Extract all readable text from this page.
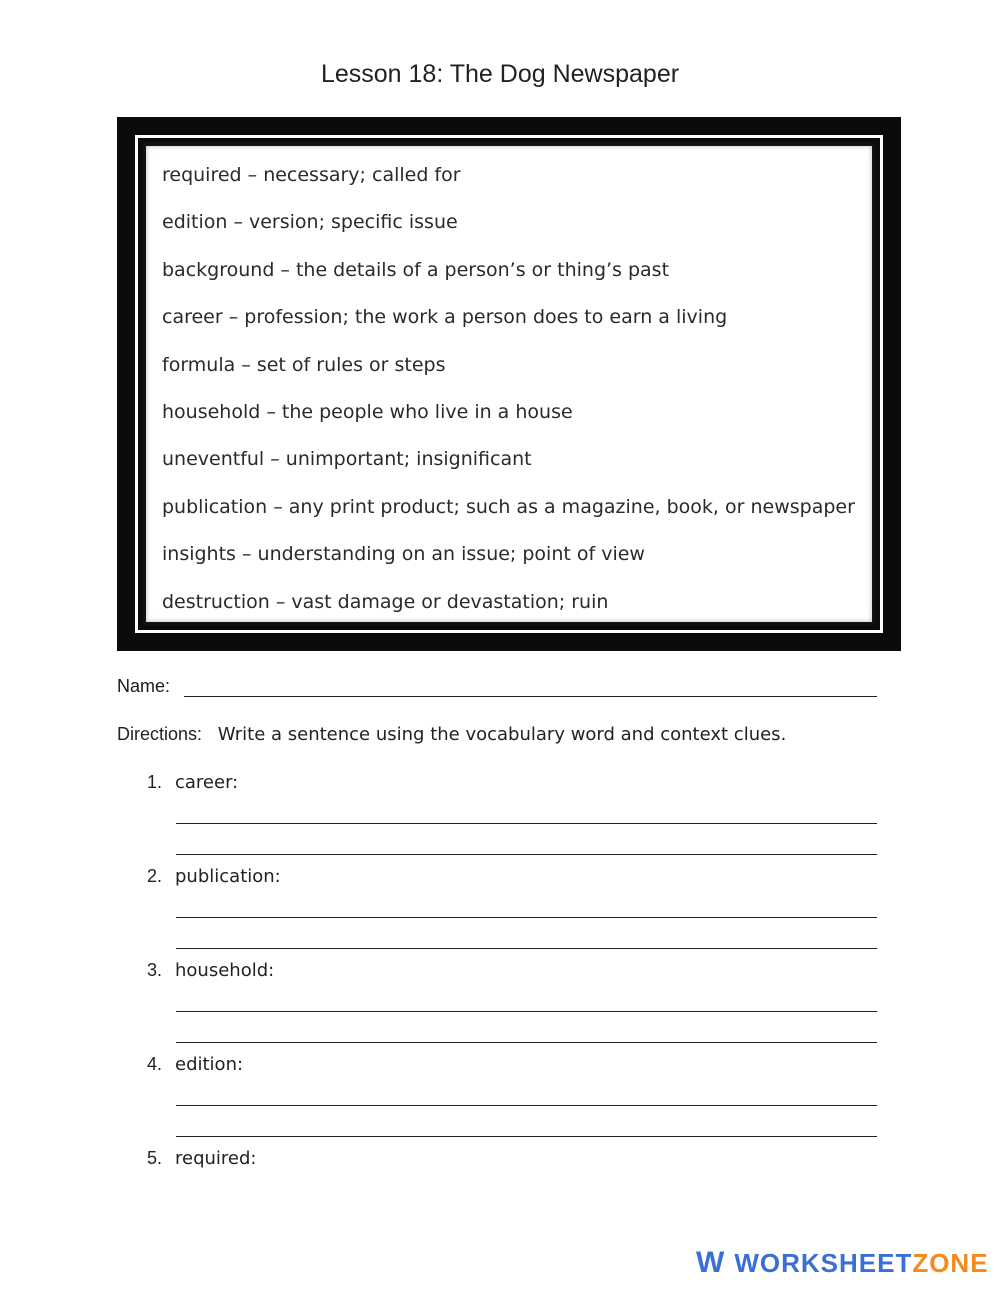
Lesson 18: The Dog Newspaper
required – necessary; called for
edition – version; specific issue
background – the details of a person’s or thing’s past
career – profession; the work a person does to earn a living
formula – set of rules or steps
household – the people who live in a house
uneventful – unimportant; insignificant
publication – any print product; such as a magazine, book, or newspaper
insights – understanding on an issue; point of view
destruction – vast damage or devastation; ruin
Name:
Directions: Write a sentence using the vocabulary word and context clues.
1. career:
2. publication:
3. household:
4. edition:
5. required:
W WORKSHEETZONE
